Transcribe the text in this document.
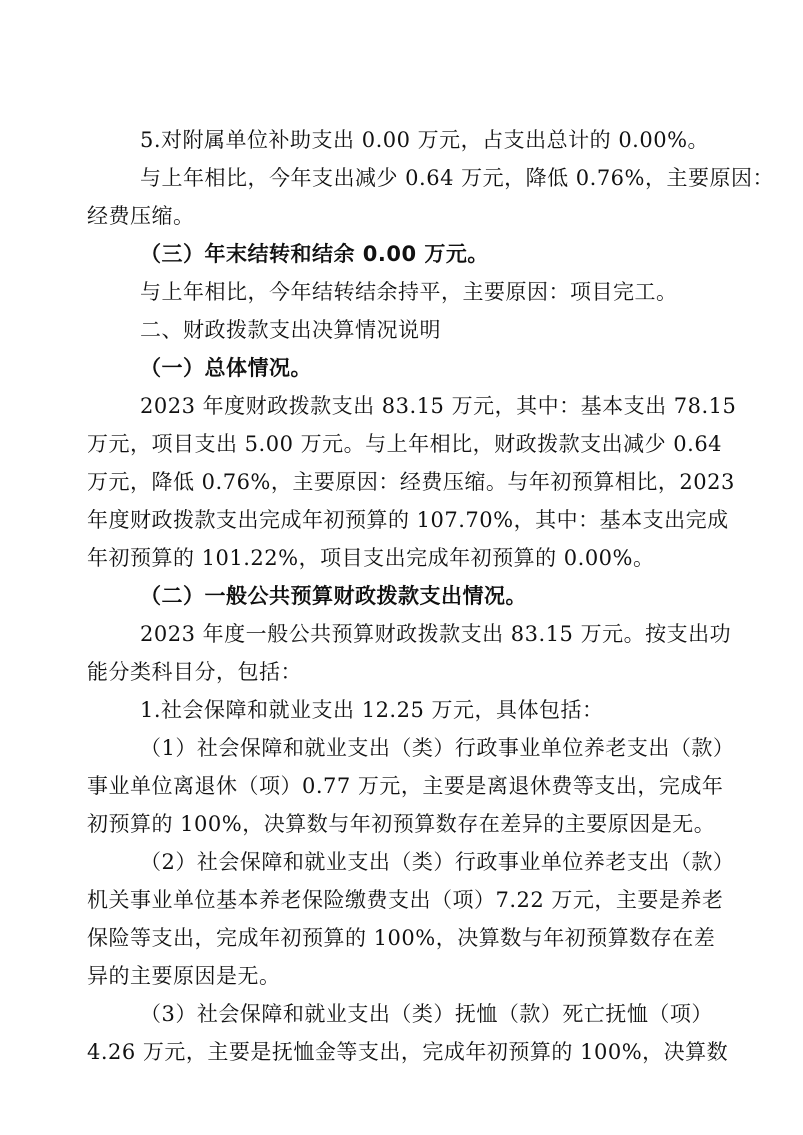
5.对附属单位补助支出 0.00 万元，占支出总计的 0.00%。
与上年相比，今年支出减少 0.64 万元，降低 0.76%，主要原因：
经费压缩。
（三）年末结转和结余 0.00 万元。
与上年相比，今年结转结余持平，主要原因：项目完工。
二、财政拨款支出决算情况说明
（一）总体情况。
2023 年度财政拨款支出 83.15 万元，其中：基本支出 78.15
万元，项目支出 5.00 万元。与上年相比，财政拨款支出减少 0.64
万元，降低 0.76%，主要原因：经费压缩。与年初预算相比，2023
年度财政拨款支出完成年初预算的 107.70%，其中：基本支出完成
年初预算的 101.22%，项目支出完成年初预算的 0.00%。
（二）一般公共预算财政拨款支出情况。
2023 年度一般公共预算财政拨款支出 83.15 万元。按支出功
能分类科目分，包括：
1.社会保障和就业支出 12.25 万元，具体包括：
（1）社会保障和就业支出（类）行政事业单位养老支出（款）
事业单位离退休（项）0.77 万元，主要是离退休费等支出，完成年
初预算的 100%，决算数与年初预算数存在差异的主要原因是无。
（2）社会保障和就业支出（类）行政事业单位养老支出（款）
机关事业单位基本养老保险缴费支出（项）7.22 万元，主要是养老
保险等支出，完成年初预算的 100%，决算数与年初预算数存在差
异的主要原因是无。
（3）社会保障和就业支出（类）抚恤（款）死亡抚恤（项）
4.26 万元，主要是抚恤金等支出，完成年初预算的 100%，决算数
